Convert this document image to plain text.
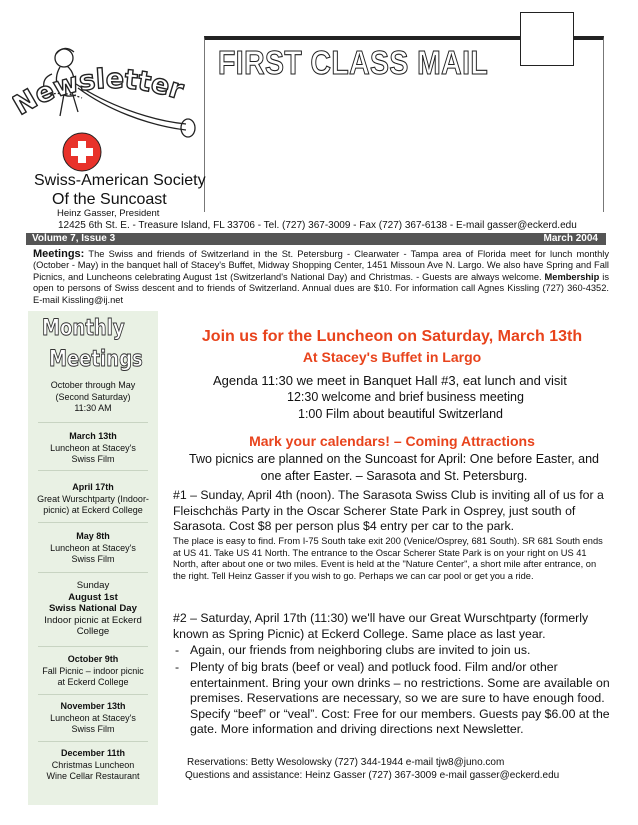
ewsletter
FIRST CLASS MAIL
Swiss-American Society
Of the Suncoast
Heinz Gasser, President
12425 6th St. E. - Treasure Island, FL 33706 - Tel. (727) 367-3009 - Fax (727) 367-6138 - E-mail gasser@eckerd.edu
Volume 7, Issue 3	March 2004
Meetings: The Swiss and friends of Switzerland in the St. Petersburg - Clearwater - Tampa area of Florida meet for lunch monthly (October - May) in the banquet hall of Stacey's Buffet, Midway Shopping Center, 1451 Missoun Ave N. Largo. We also have Spring and Fall Picnics, and Luncheons celebrating August 1st (Switzerland's National Day) and Christmas. - Guests are always welcome. Membership is open to persons of Swiss descent and to friends of Switzerland. Annual dues are $10. For information call Agnes Kissling (727) 360-4352. E-mail Kissling@ij.net
Monthly
Meetings
October through May
(Second Saturday)
11:30 AM
March 13th
Luncheon at Stacey's
Swiss Film
April 17th
Great Wurschtparty (Indoor-
picnic) at Eckerd College
May 8th
Luncheon at Stacey's
Swiss Film
Sunday
August 1st
Swiss National Day
Indoor picnic at Eckerd
College
October 9th
Fall Picnic – indoor picnic
at Eckerd College
November 13th
Luncheon at Stacey's
Swiss Film
December 11th
Christmas Luncheon
Wine Cellar Restaurant
Join us for the Luncheon on Saturday, March 13th
At Stacey's Buffet in Largo
Agenda 11:30 we meet in Banquet Hall #3, eat lunch and visit
12:30 welcome and brief business meeting
1:00 Film about beautiful Switzerland
Mark your calendars! – Coming Attractions
Two picnics are planned on the Suncoast for April: One before Easter, and
one after Easter. – Sarasota and St. Petersburg.
#1 – Sunday, April 4th (noon). The Sarasota Swiss Club is inviting all of us for a Fleischchäs Party in the Oscar Scherer State Park in Osprey, just south of Sarasota. Cost $8 per person plus $4 entry per car to the park.
The place is easy to find. From I-75 South take exit 200 (Venice/Osprey, 681 South). SR 681 South ends at US 41. Take US 41 North. The entrance to the Oscar Scherer State Park is on your right on US 41 North, after about one or two miles. Event is held at the "Nature Center", a short mile after entrance, on the right. Tell Heinz Gasser if you wish to go. Perhaps we can car pool or get you a ride.
#2 – Saturday, April 17th (11:30) we'll have our Great Wurschtparty (formerly known as Spring Picnic) at Eckerd College. Same place as last year.
- Again, our friends from neighboring clubs are invited to join us.
- Plenty of big brats (beef or veal) and potluck food. Film and/or other entertainment. Bring your own drinks – no restrictions. Some are available on premises. Reservations are necessary, so we are sure to have enough food. Specify “beef” or “veal”. Cost: Free for our members. Guests pay $6.00 at the gate. More information and driving directions next Newsletter.
Reservations: Betty Wesolowsky (727) 344-1944 e-mail tjw8@juno.com
Questions and assistance: Heinz Gasser (727) 367-3009 e-mail gasser@eckerd.edu
